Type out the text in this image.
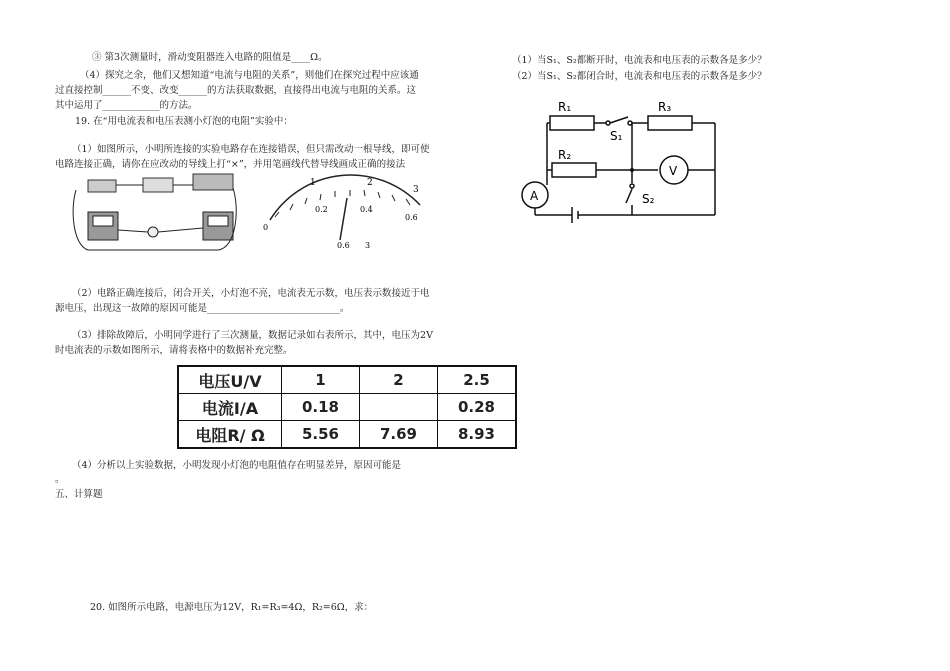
③ 第3次测量时，滑动变阻器连入电路的阻值是____Ω。
（4）探究之余，他们又想知道“电流与电阻的关系”，则他们在探究过程中应该通
过直接控制______不变、改变______的方法获取数据，直接得出电流与电阻的关系。这
其中运用了____________的方法。
19. 在“用电流表和电压表测小灯泡的电阻”实验中：
（1）如图所示，小明所连接的实验电路存在连接错误，但只需改动一根导线，即可使
电路连接正确，请你在应改动的导线上打“×”，并用笔画线代替导线画成正确的接法
1	2
3
0.2	0.4
0.6
0
0.6 3
（2）电路正确连接后，闭合开关，小灯泡不亮，电流表无示数，电压表示数接近于电
源电压，出现这一故障的原因可能是____________________________。
（3）排除故障后，小明同学进行了三次测量，数据记录如右表所示，其中，电压为2V
时电流表的示数如图所示，请将表格中的数据补充完整。
电压U/V	1	2	2.5
电流I/A	0.18		0.28
电阻R/ Ω	5.56	7.69	8.93
（4）分析以上实验数据，小明发现小灯泡的电阻值存在明显差异，原因可能是
。
五、计算题
20. 如图所示电路，电源电压为12V，R₁=R₃=4Ω，R₂=6Ω，求：
（1）当S₁、S₂都断开时，电流表和电压表的示数各是多少？
（2）当S₁、S₂都闭合时，电流表和电压表的示数各是多少？
R₁	R₃
R₂
S₁
S₂
A
V
